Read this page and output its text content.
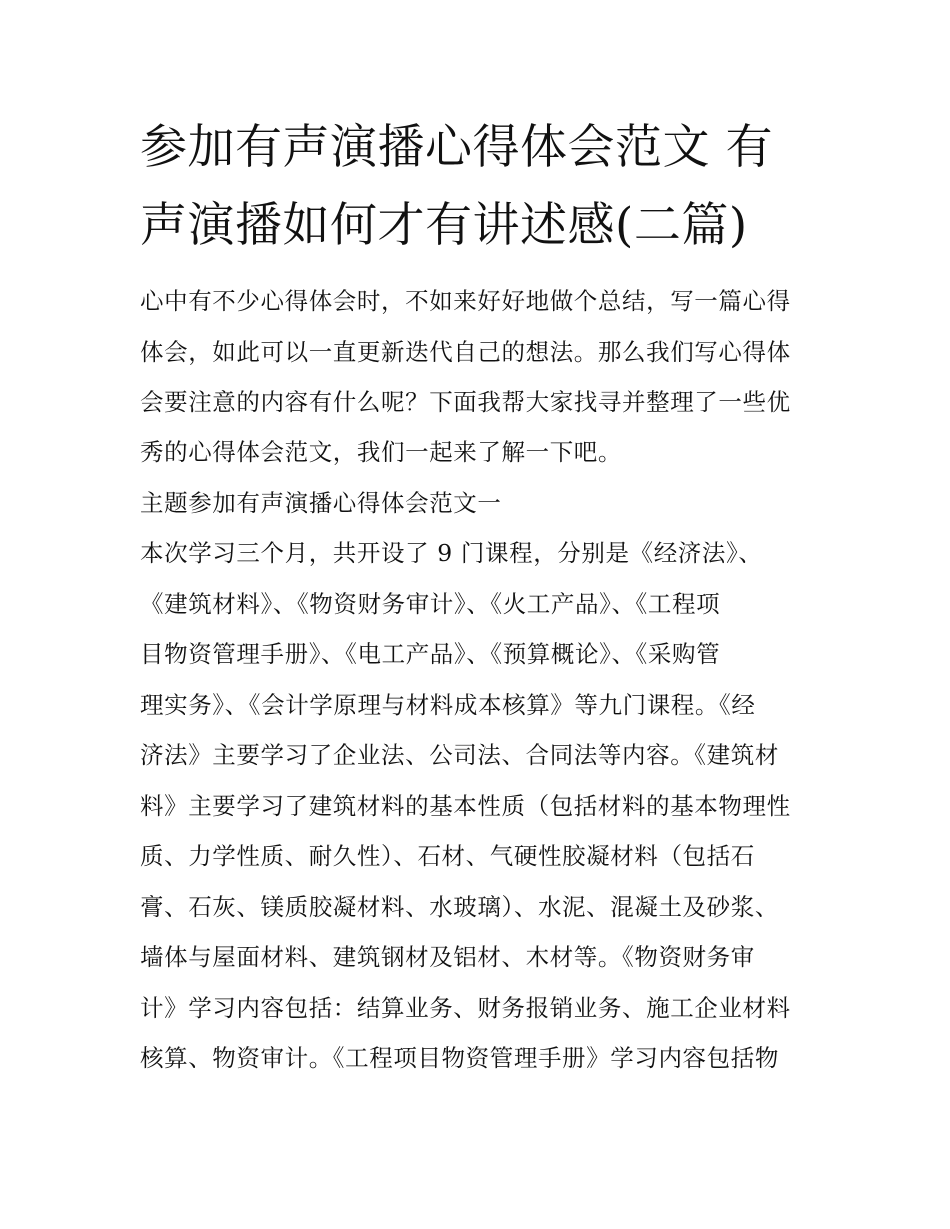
参加有声演播心得体会范文 有
声演播如何才有讲述感(二篇)
心中有不少心得体会时，不如来好好地做个总结，写一篇心得
体会，如此可以一直更新迭代自己的想法。那么我们写心得体
会要注意的内容有什么呢？下面我帮大家找寻并整理了一些优
秀的心得体会范文，我们一起来了解一下吧。
主题参加有声演播心得体会范文一
本次学习三个月，共开设了 9 门课程，分别是《经济法》、
《建筑材料》、《物资财务审计》、《火工产品》、《工程项
目物资管理手册》、《电工产品》、《预算概论》、《采购管
理实务》、《会计学原理与材料成本核算》等九门课程。《经
济法》主要学习了企业法、公司法、合同法等内容。《建筑材
料》主要学习了建筑材料的基本性质（包括材料的基本物理性
质、力学性质、耐久性）、石材、气硬性胶凝材料（包括石
膏、石灰、镁质胶凝材料、水玻璃）、水泥、混凝土及砂浆、
墙体与屋面材料、建筑钢材及铝材、木材等。《物资财务审
计》学习内容包括：结算业务、财务报销业务、施工企业材料
核算、物资审计。《工程项目物资管理手册》学习内容包括物
